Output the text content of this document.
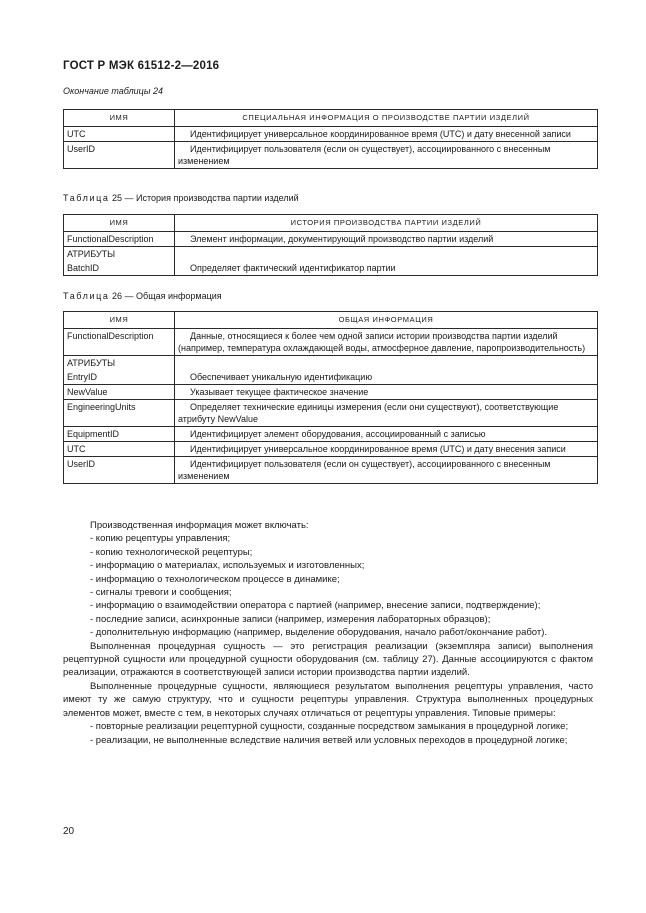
ГОСТ Р МЭК 61512-2—2016
Окончание таблицы 24
ИМЯ	СПЕЦИАЛЬНАЯ ИНФОРМАЦИЯ О ПРОИЗВОДСТВЕ ПАРТИИ ИЗДЕЛИЙ
UTC	Идентифицирует универсальное координированное время (UTC) и дату внесенной записи
UserID	Идентифицирует пользователя (если он существует), ассоциированного с внесенным изменением
Таблица 25 — История производства партии изделий
ИМЯ	ИСТОРИЯ ПРОИЗВОДСТВА ПАРТИИ ИЗДЕЛИЙ
FunctionalDescription	Элемент информации, документирующий производство партии изделий
АТРИБУТЫ	
BatchID	Определяет фактический идентификатор партии
Таблица 26 — Общая информация
ИМЯ	ОБЩАЯ ИНФОРМАЦИЯ
FunctionalDescription	Данные, относящиеся к более чем одной записи истории производства партии изделий (например, температура охлаждающей воды, атмосферное давление, паропроизводительность)
АТРИБУТЫ	
EntryID	Обеспечивает уникальную идентификацию
NewValue	Указывает текущее фактическое значение
EngineeringUnits	Определяет технические единицы измерения (если они существуют), соответствующие атрибуту NewValue
EquipmentID	Идентифицирует элемент оборудования, ассоциированный с записью
UTC	Идентифицирует универсальное координированное время (UTC) и дату внесения записи
UserID	Идентифицирует пользователя (если он существует), ассоциированного с внесенным изменением

Производственная информация может включать:

- копию рецептуры управления;

- копию технологической рецептуры;

- информацию о материалах, используемых и изготовленных;

- информацию о технологическом процессе в динамике;

- сигналы тревоги и сообщения;

- информацию о взаимодействии оператора с партией (например, внесение записи, подтверждение);

- последние записи, асинхронные записи (например, измерения лабораторных образцов);

- дополнительную информацию (например, выделение оборудования, начало работ/окончание работ).

Выполненная процедурная сущность — это регистрация реализации (экземпляра записи) выполнения рецептурной сущности или процедурной сущности оборудования (см. таблицу 27). Данные ассоциируются с фактом реализации, отражаются в соответствующей записи истории производства партии изделий.

Выполненные процедурные сущности, являющиеся результатом выполнения рецептуры управления, часто имеют ту же самую структуру, что и сущности рецептуры управления. Структура выполненных процедурных элементов может, вместе с тем, в некоторых случаях отличаться от рецептуры управления. Типовые примеры:

- повторные реализации рецептурной сущности, созданные посредством замыкания в процедурной логике;

- реализации, не выполненные вследствие наличия ветвей или условных переходов в процедурной логике;

20
